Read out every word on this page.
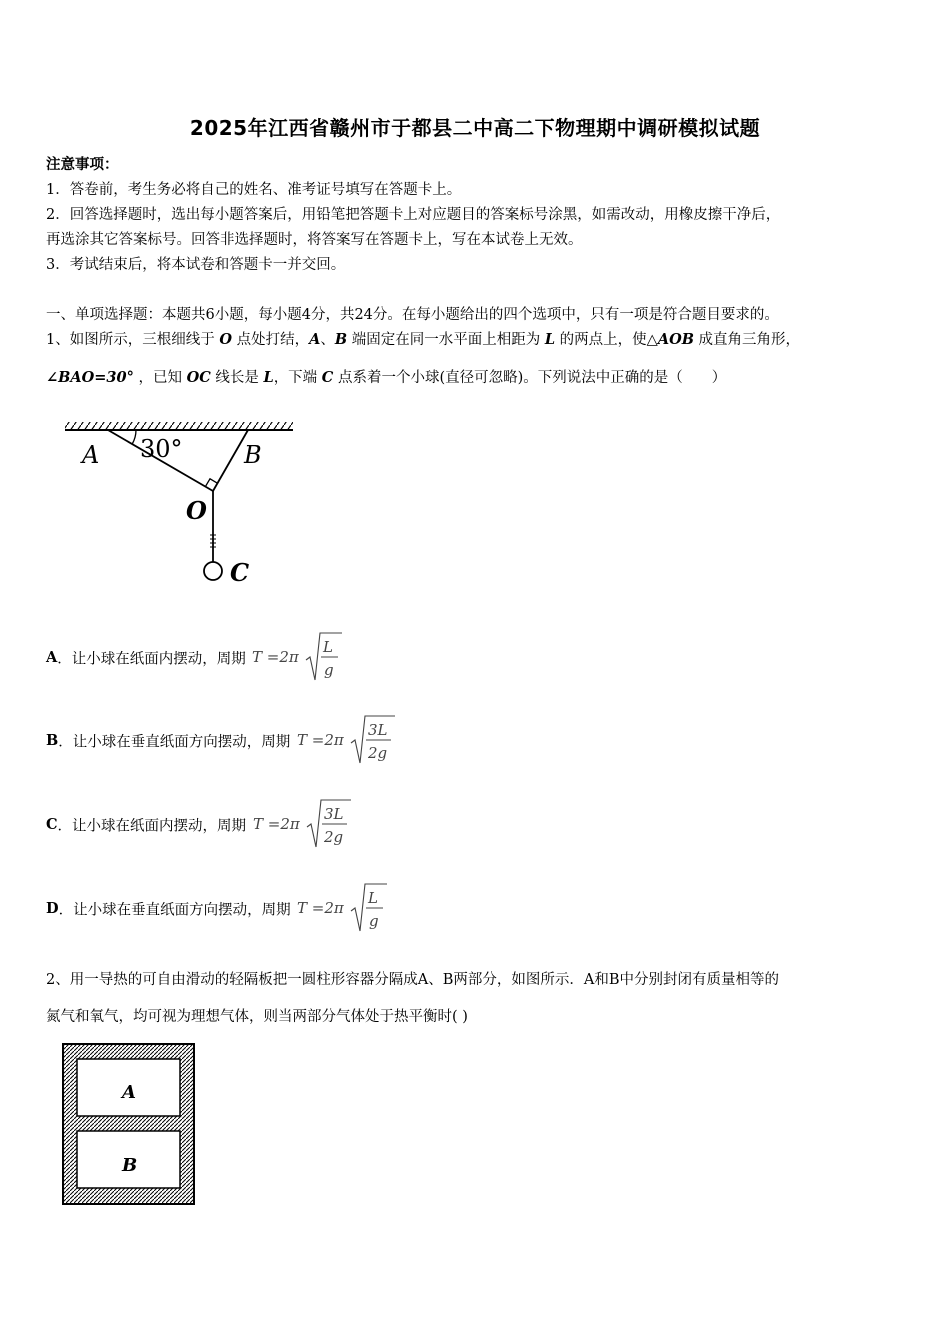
2025年江西省赣州市于都县二中高二下物理期中调研模拟试题
注意事项：
1．答卷前，考生务必将自己的姓名、准考证号填写在答题卡上。
2．回答选择题时，选出每小题答案后，用铅笔把答题卡上对应题目的答案标号涂黑，如需改动，用橡皮擦干净后，
再选涂其它答案标号。回答非选择题时，将答案写在答题卡上，写在本试卷上无效。
3．考试结束后，将本试卷和答题卡一并交回。
一、单项选择题：本题共6小题，每小题4分，共24分。在每小题给出的四个选项中，只有一项是符合题目要求的。
1、如图所示，三根细线于 O 点处打结，A、B 端固定在同一水平面上相距为 L 的两点上，使△AOB 成直角三角形，
∠BAO=30° ，已知 OC 线长是 L，下端 C 点系着一个小球(直径可忽略)。下列说法中正确的是（　　）
A 30°	B
O
C
A．让小球在纸面内摆动，周期 T =2π
L
g
B．让小球在垂直纸面方向摆动，周期 T =2π
3L
2g
C．让小球在纸面内摆动，周期 T =2π
3L
2g
D．让小球在垂直纸面方向摆动，周期 T =2π
L
g
2、用一导热的可自由滑动的轻隔板把一圆柱形容器分隔成A、B两部分，如图所示．A和B中分别封闭有质量相等的
氮气和氧气，均可视为理想气体，则当两部分气体处于热平衡时( )
A
B
